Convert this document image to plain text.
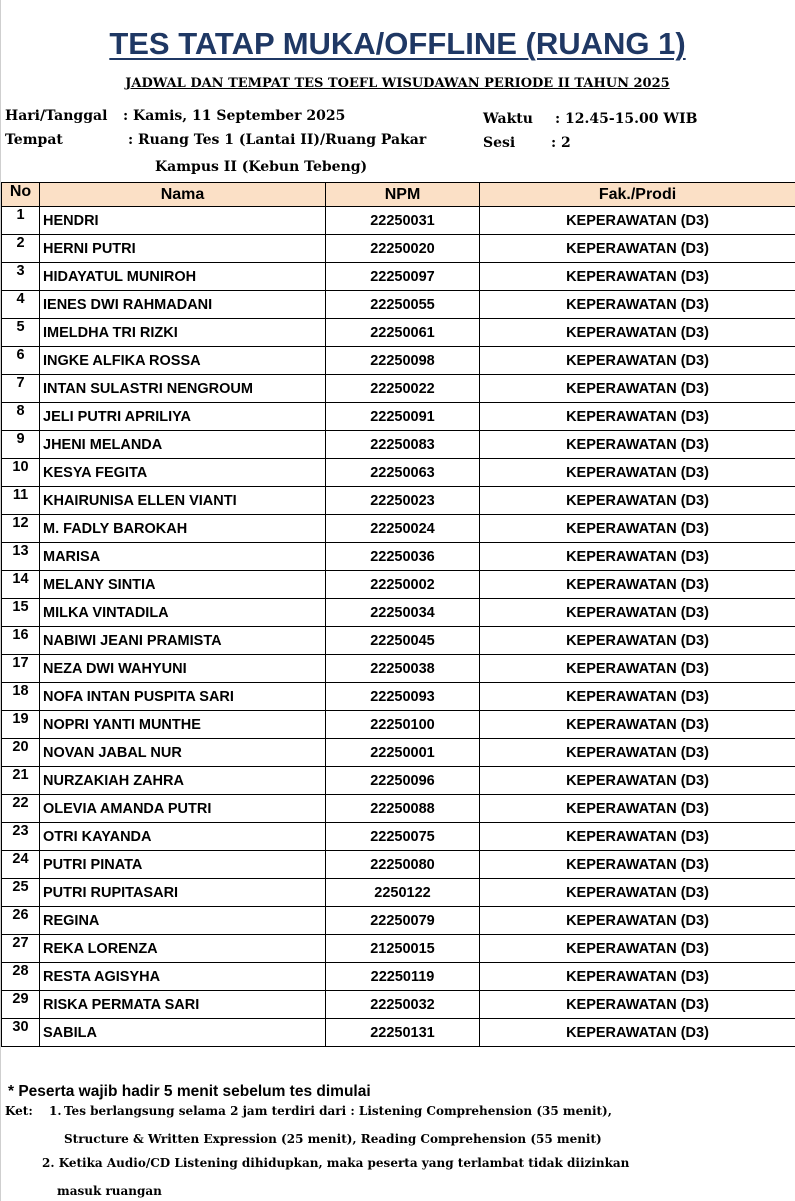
TES TATAP MUKA/OFFLINE (RUANG 1)
JADWAL DAN TEMPAT TES TOEFL WISUDAWAN PERIODE II TAHUN 2025
Hari/Tanggal : Kamis, 11 September 2025
Tempat	: Ruang Tes 1 (Lantai II)/Ruang Pakar
Kampus II (Kebun Tebeng)
Waktu : 12.45-15.00 WIB
Sesi	: 2
No	Nama	NPM	Fak./Prodi
1	HENDRI	22250031	KEPERAWATAN (D3)
2	HERNI PUTRI	22250020	KEPERAWATAN (D3)
3	HIDAYATUL MUNIROH	22250097	KEPERAWATAN (D3)
4	IENES DWI RAHMADANI	22250055	KEPERAWATAN (D3)
5	IMELDHA TRI RIZKI	22250061	KEPERAWATAN (D3)
6	INGKE ALFIKA ROSSA	22250098	KEPERAWATAN (D3)
7	INTAN SULASTRI NENGROUM	22250022	KEPERAWATAN (D3)
8	JELI PUTRI APRILIYA	22250091	KEPERAWATAN (D3)
9	JHENI MELANDA	22250083	KEPERAWATAN (D3)
10	KESYA FEGITA	22250063	KEPERAWATAN (D3)
11	KHAIRUNISA ELLEN VIANTI	22250023	KEPERAWATAN (D3)
12	M. FADLY BAROKAH	22250024	KEPERAWATAN (D3)
13	MARISA	22250036	KEPERAWATAN (D3)
14	MELANY SINTIA	22250002	KEPERAWATAN (D3)
15	MILKA VINTADILA	22250034	KEPERAWATAN (D3)
16	NABIWI JEANI PRAMISTA	22250045	KEPERAWATAN (D3)
17	NEZA DWI WAHYUNI	22250038	KEPERAWATAN (D3)
18	NOFA INTAN PUSPITA SARI	22250093	KEPERAWATAN (D3)
19	NOPRI YANTI MUNTHE	22250100	KEPERAWATAN (D3)
20	NOVAN JABAL NUR	22250001	KEPERAWATAN (D3)
21	NURZAKIAH ZAHRA	22250096	KEPERAWATAN (D3)
22	OLEVIA AMANDA PUTRI	22250088	KEPERAWATAN (D3)
23	OTRI KAYANDA	22250075	KEPERAWATAN (D3)
24	PUTRI PINATA	22250080	KEPERAWATAN (D3)
25	PUTRI RUPITASARI	2250122	KEPERAWATAN (D3)
26	REGINA	22250079	KEPERAWATAN (D3)
27	REKA LORENZA	21250015	KEPERAWATAN (D3)
28	RESTA AGISYHA	22250119	KEPERAWATAN (D3)
29	RISKA PERMATA SARI	22250032	KEPERAWATAN (D3)
30	SABILA	22250131	KEPERAWATAN (D3)
* Peserta wajib hadir 5 menit sebelum tes dimulai
Ket: 1. Tes berlangsung selama 2 jam terdiri dari : Listening Comprehension (35 menit),
Structure & Written Expression (25 menit), Reading Comprehension (55 menit)
2. Ketika Audio/CD Listening dihidupkan, maka peserta yang terlambat tidak diizinkan
masuk ruangan
